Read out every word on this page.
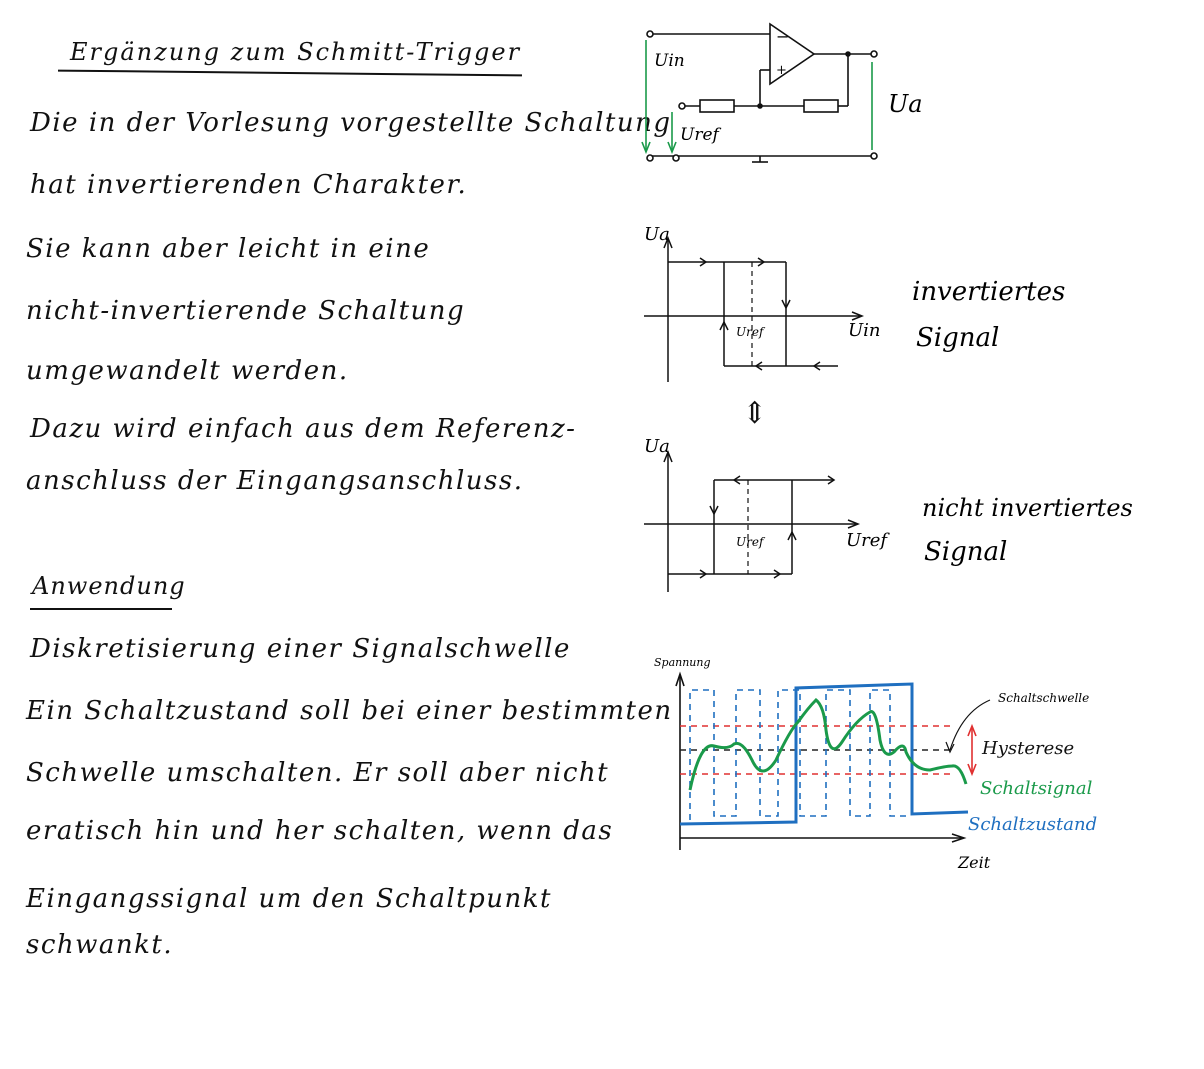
Ergänzung zum Schmitt-Trigger
Die in der Vorlesung vorgestellte Schaltung
hat invertierenden Charakter.
Sie kann aber leicht in eine
nicht-invertierende Schaltung
umgewandelt werden.
Dazu wird einfach aus dem Referenz-
anschluss der Eingangsanschluss.
Anwendung
Diskretisierung einer Signalschwelle
Ein Schaltzustand soll bei einer bestimmten
Schwelle umschalten. Er soll aber nicht
eratisch hin und her schalten, wenn das
Eingangssignal um den Schaltpunkt
schwankt.
−
+
Uin
Uref
Ua
Ua
Uin
Uref
invertiertes
Signal
⇕
Ua
Uref
Uref
nicht invertiertes
Signal
Spannung
Zeit
Schaltschwelle
Hysterese
Schaltsignal
Schaltzustand
